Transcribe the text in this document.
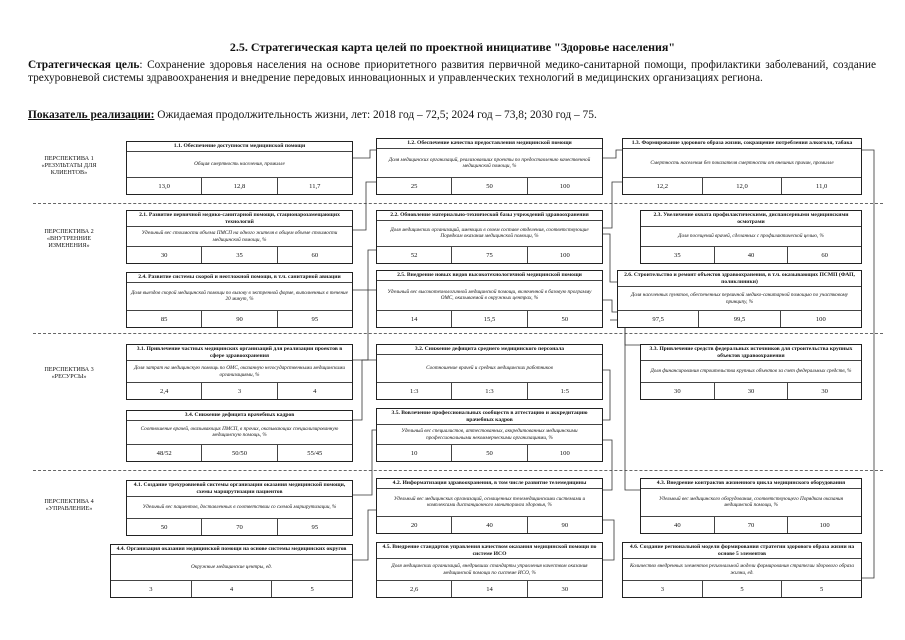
2.5. Стратегическая карта целей по проектной инициативе "Здоровье населения"
Стратегическая цель: Сохранение здоровья населения на основе приоритетного развития первичной медико-санитарной помощи, профилактики заболеваний, создание трехуровневой системы здравоохранения и внедрение передовых инновационных и управленческих технологий в медицинских организациях региона.
Показатель реализации: Ожидаемая продолжительность жизни, лет: 2018 год – 72,5; 2024 год – 73,8; 2030 год – 75.
ПЕРСПЕКТИВА 1 «РЕЗУЛЬТАТЫ ДЛЯ КЛИЕНТОВ»
ПЕРСПЕКТИВА 2 «ВНУТРЕННИЕ ИЗМЕНЕНИЯ»
ПЕРСПЕКТИВА 3 «РЕСУРСЫ»
ПЕРСПЕКТИВА 4 «УПРАВЛЕНИЕ»
1.1. Обеспечение доступности медицинской помощи
Общая смертность населения, промилле
13,0	12,8	11,7
1.2. Обеспечение качества предоставления медицинской помощи
Доля медицинских организаций, реализовавших проекты по предоставлению качественной медицинской помощи, %
25	50	100
1.3. Формирование здорового образа жизни, сокращение потребления алкоголя, табака
Смертность населения без показателя смертности от внешних причин, промилле
12,2	12,0	11,0
2.1. Развитие первичной медико-санитарной помощи, стационарозамещающих технологий
Удельный вес стоимости объема ПМСП на одного жителя в общем объеме стоимости медицинской помощи, %
30	35	60
2.2. Обновление материально-технической базы учреждений здравоохранения
Доля медицинских организаций, имеющих в своем составе отделения, соответствующие Порядкам оказания медицинской помощи, %
52	75	100
2.3. Увеличение охвата профилактическими, диспансерными медицинскими осмотрами
Доля посещений врачей, сделанных с профилактической целью, %
35	40	60
2.4. Развитие системы скорой и неотложной помощи, в т.ч. санитарной авиации
Доля выездов скорой медицинской помощи по вызову в экстренной форме, выполненных в течение 20 минут, %
85	90	95
2.5. Внедрение новых видов высокотехнологичной медицинской помощи
Удельный вес высокотехнологичной медицинской помощи, включенной в базовую программу ОМС, оказываемой в окружных центрах, %
14	15,5	50
2.6. Строительство и ремонт объектов здравоохранения, в т.ч. оказывающих ПСМП (ФАП, поликлиники)
Доля населенных пунктов, обеспеченных первичной медико-санитарной помощью по участковому принципу, %
97,5	99,5	100
3.1. Привлечение частных медицинских организаций для реализации проектов в сфере здравоохранения
Доля затрат на медицинскую помощь по ОМС, оказанную негосударственными медицинскими организациями, %
2,4	3	4
3.2. Снижение дефицита среднего медицинского персонала
Соотношение врачей и средних медицинских работников
1:3	1:3	1:5
3.3. Привлечение средств федеральных источников для строительства крупных объектов здравоохранения
Доля финансирования строительства крупных объектов за счет федеральных средств, %
30	30	30
3.4. Снижение дефицита врачебных кадров
Соотношение врачей, оказывающих ПМСП, в прочих, оказывающих специализированную медицинскую помощь, %
48/52	50/50	55/45
3.5. Вовлечение профессиональных сообществ в аттестацию и аккредитацию врачебных кадров
Удельный вес специалистов, аттестованных, аккредитованных медицинскими профессиональными некоммерческими организациями, %
10	50	100
4.1. Создание трехуровневой системы организации оказания медицинской помощи, схемы маршрутизации пациентов
Удельный вес пациентов, доставленных в соответствии со схемой маршрутизации, %
50	70	95
4.2. Информатизация здравоохранения, в том числе развитие телемедицины
Удельный вес медицинских организаций, оснащенных телемедицинскими системами и комплексами дистанционного мониторинга здоровья, %
20	40	90
4.3. Внедрение контрактов жизненного цикла медицинского оборудования
Удельный вес медицинского оборудования, соответствующего Порядкам оказания медицинской помощи, %
40	70	100
4.4. Организация оказания медицинской помощи на основе системы медицинских округов
Окружные медицинские центры, ед.
3	4	5
4.5. Внедрение стандартов управления качеством оказания медицинской помощи по системе ИСО
Доля медицинских организаций, внедривших стандарты управления качеством оказания медицинской помощи по системе ИСО, %
2,6	14	30
4.6. Создание региональной модели формирования стратегии здорового образа жизни на основе 5 элементов
Количество внедренных элементов региональной модели формирования стратегии здорового образа жизни, ед.
3	5	5
